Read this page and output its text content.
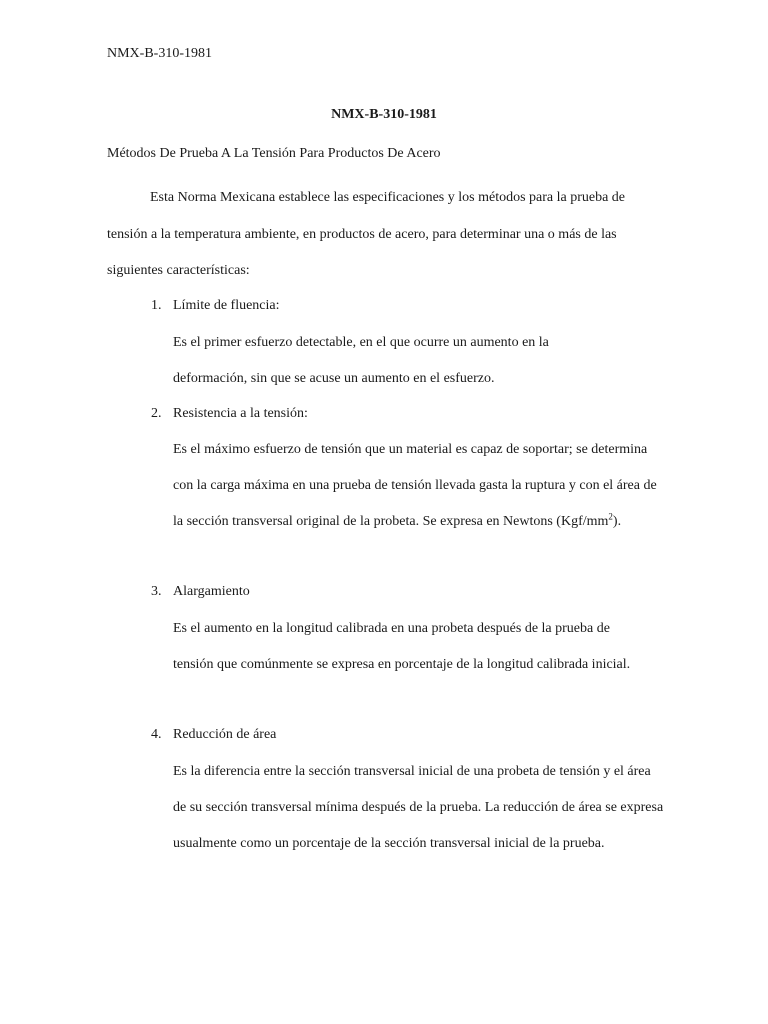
NMX-B-310-1981
NMX-B-310-1981
Métodos De Prueba A La Tensión Para Productos De Acero

Esta Norma Mexicana establece las especificaciones y los métodos para la prueba de tensión a la temperatura ambiente, en productos de acero, para determinar una o más de las siguientes características:

1. Límite de fluencia:

Es el primer esfuerzo detectable, en el que ocurre un aumento en la deformación, sin que se acuse un aumento en el esfuerzo.

2. Resistencia a la tensión:

Es el máximo esfuerzo de tensión que un material es capaz de soportar; se determina con la carga máxima en una prueba de tensión llevada gasta la ruptura y con el área de la sección transversal original de la probeta. Se expresa en Newtons $(Kgf/mm^2)$.

3. Alargamiento

Es el aumento en la longitud calibrada en una probeta después de la prueba de tensión que comúnmente se expresa en porcentaje de la longitud calibrada inicial.

4. Reducción de área

Es la diferencia entre la sección transversal inicial de una probeta de tensión y el área de su sección transversal mínima después de la prueba. La reducción de área se expresa usualmente como un porcentaje de la sección transversal inicial de la prueba.
